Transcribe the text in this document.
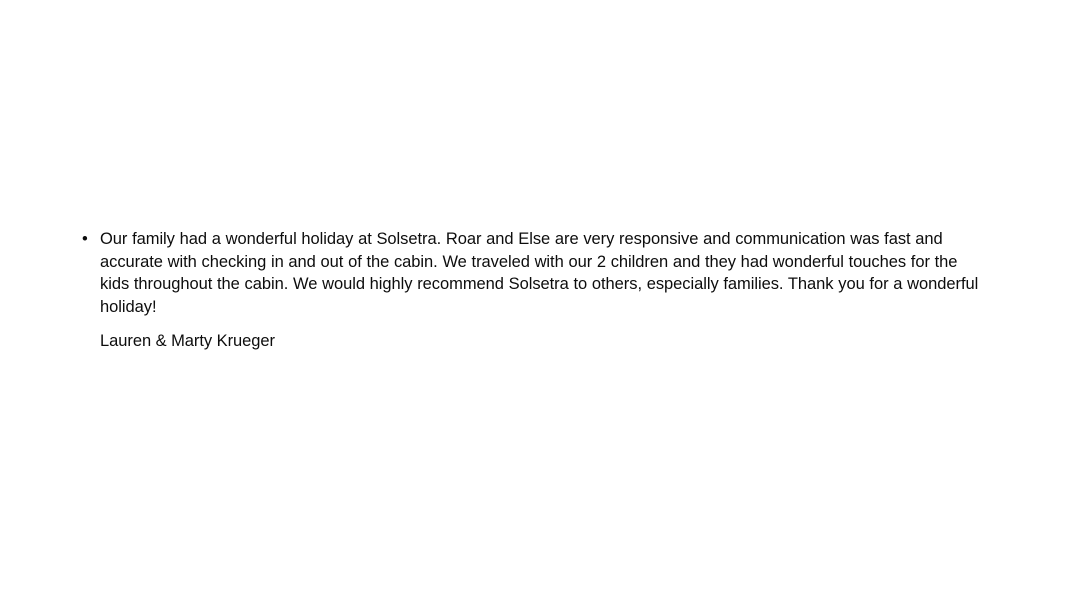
• Our family had a wonderful holiday at Solsetra. Roar and Else are very responsive and communication was fast and accurate with checking in and out of the cabin. We traveled with our 2 children and they had wonderful touches for the kids throughout the cabin. We would highly recommend Solsetra to others, especially families. Thank you for a wonderful holiday!
Lauren & Marty Krueger
